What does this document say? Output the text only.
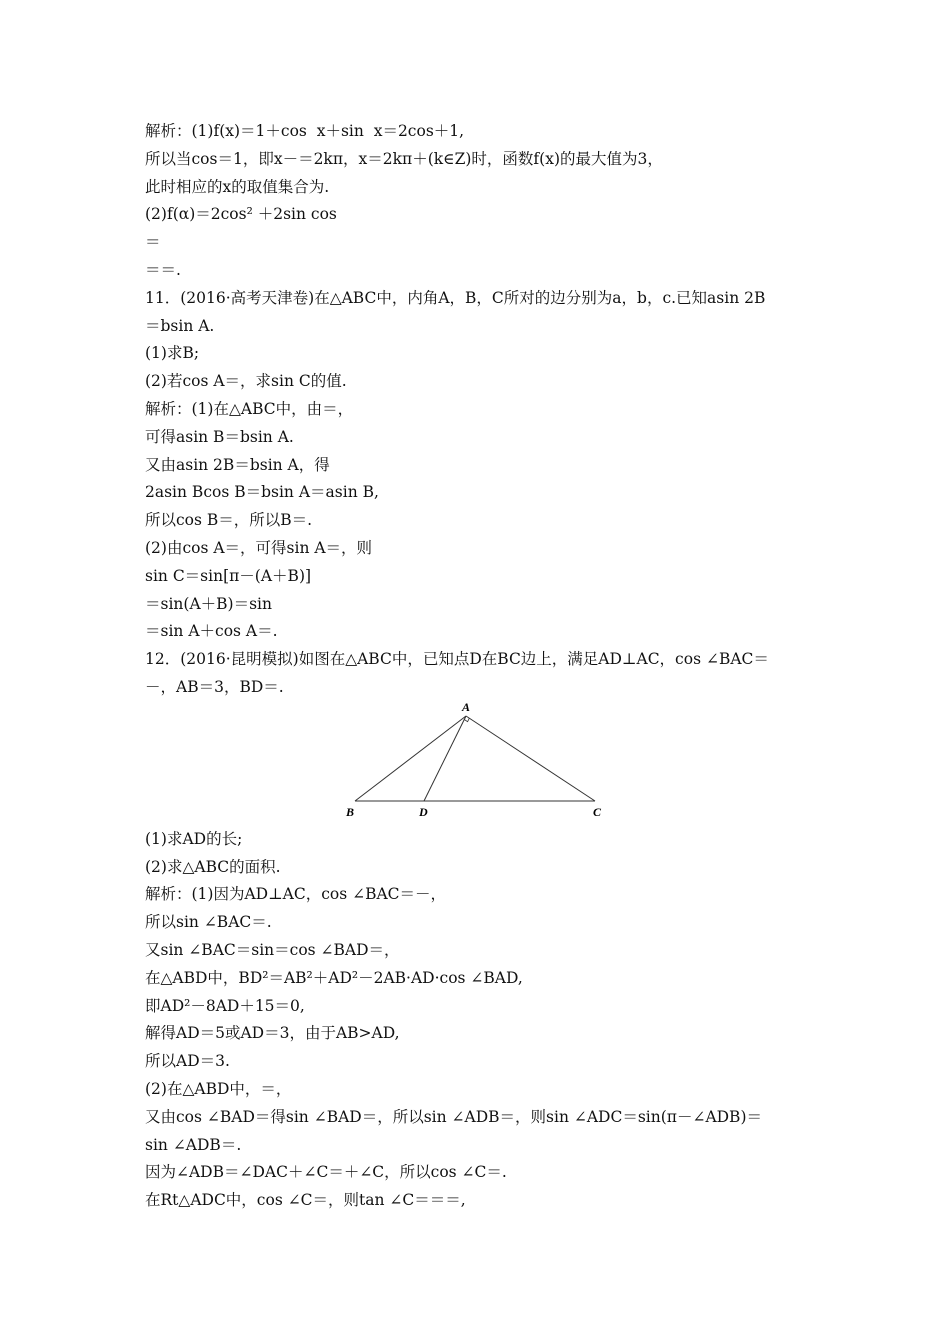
解析：(1)f(x)＝1＋cos  x＋sin  x＝2cos＋1,
所以当cos＝1，即x－＝2kπ，x＝2kπ＋(k∈Z)时，函数f(x)的最大值为3，
此时相应的x的取值集合为.
(2)f(α)＝2cos² ＋2sin cos
＝
＝＝.
11．(2016·高考天津卷)在△ABC中，内角A，B，C所对的边分别为a，b，c.已知asin 2B
＝bsin A.
(1)求B;
(2)若cos A＝，求sin C的值.
解析：(1)在△ABC中，由＝，
可得asin B＝bsin A.
又由asin 2B＝bsin A，得
2asin Bcos B＝bsin A＝asin B,
所以cos B＝，所以B＝.
(2)由cos A＝，可得sin A＝，则
sin C＝sin[π－(A＋B)]
＝sin(A＋B)＝sin
＝sin A＋cos A＝.
12．(2016·昆明模拟)如图在△ABC中，已知点D在BC边上，满足AD⊥AC，cos ∠BAC＝
－，AB＝3，BD＝.
A
B	C
D
(1)求AD的长;
(2)求△ABC的面积.
解析：(1)因为AD⊥AC，cos ∠BAC＝－，
所以sin ∠BAC＝.
又sin ∠BAC＝sin＝cos ∠BAD＝，
在△ABD中，BD²＝AB²＋AD²－2AB·AD·cos ∠BAD,
即AD²－8AD＋15＝0,
解得AD＝5或AD＝3，由于AB>AD,
所以AD＝3.
(2)在△ABD中，＝，
又由cos ∠BAD＝得sin ∠BAD＝，所以sin ∠ADB＝，则sin ∠ADC＝sin(π－∠ADB)＝
sin ∠ADB＝.
因为∠ADB＝∠DAC＋∠C＝＋∠C，所以cos ∠C＝.
在Rt△ADC中，cos ∠C＝，则tan ∠C＝＝＝,
